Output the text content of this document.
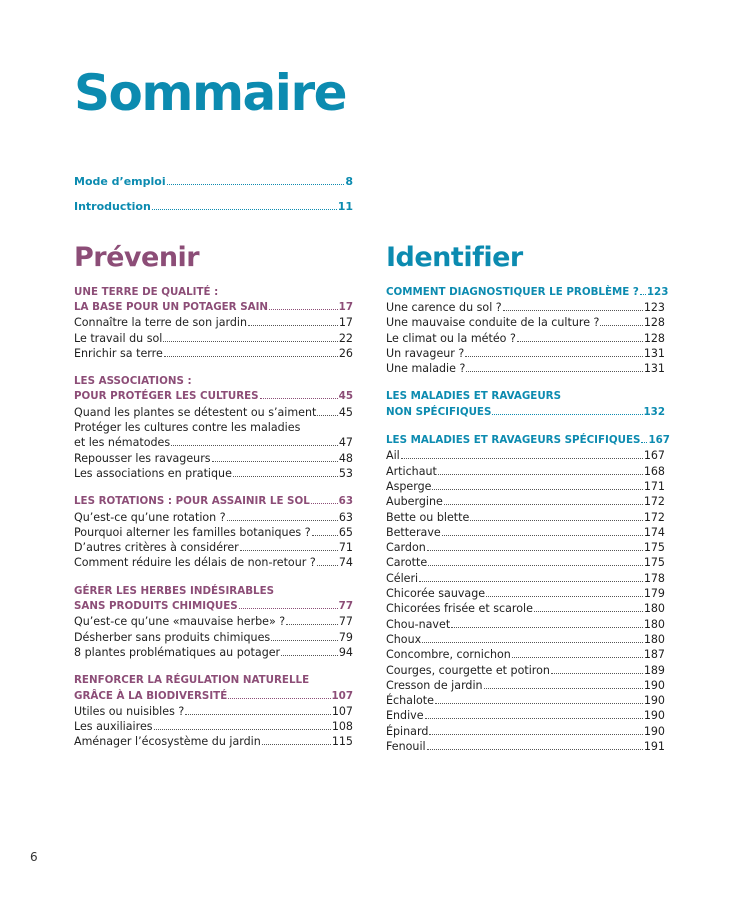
Sommaire
Mode d’emploi	8
Introduction	11
Prévenir
UNE TERRE DE QUALITÉ :
LA BASE POUR UN POTAGER SAIN	17
Connaître la terre de son jardin	17
Le travail du sol	22
Enrichir sa terre	26
LES ASSOCIATIONS :
POUR PROTÉGER LES CULTURES	45
Quand les plantes se détestent ou s’aiment 45
Protéger les cultures contre les maladies
et les nématodes	47
Repousser les ravageurs	48
Les associations en pratique	53
LES ROTATIONS : POUR ASSAINIR LE SOL	63
Qu’est-ce qu’une rotation ?	63
Pourquoi alterner les familles botaniques ?	65
D’autres critères à considérer	71
Comment réduire les délais de non-retour ? 74
GÉRER LES HERBES INDÉSIRABLES
SANS PRODUITS CHIMIQUES	77
Qu’est-ce qu’une «mauvaise herbe» ?	77
Désherber sans produits chimiques	79
8 plantes problématiques au potager	94
RENFORCER LA RÉGULATION NATURELLE
GRÂCE À LA BIODIVERSITÉ	107
Utiles ou nuisibles ?	107
Les auxiliaires	108
Aménager l’écosystème du jardin	115
Identifier
COMMENT DIAGNOSTIQUER LE PROBLÈME ? 123
Une carence du sol ?	123
Une mauvaise conduite de la culture ?	128
Le climat ou la météo ?	128
Un ravageur ?	131
Une maladie ?	131
LES MALADIES ET RAVAGEURS
NON SPÉCIFIQUES	132
LES MALADIES ET RAVAGEURS SPÉCIFIQUES 167
Ail	167
Artichaut	168
Asperge	171
Aubergine	172
Bette ou blette	172
Betterave	174
Cardon	175
Carotte	175
Céleri	178
Chicorée sauvage	179
Chicorées frisée et scarole	180
Chou-navet	180
Choux	180
Concombre, cornichon	187
Courges, courgette et potiron	189
Cresson de jardin	190
Échalote	190
Endive	190
Épinard	190
Fenouil	191
6
